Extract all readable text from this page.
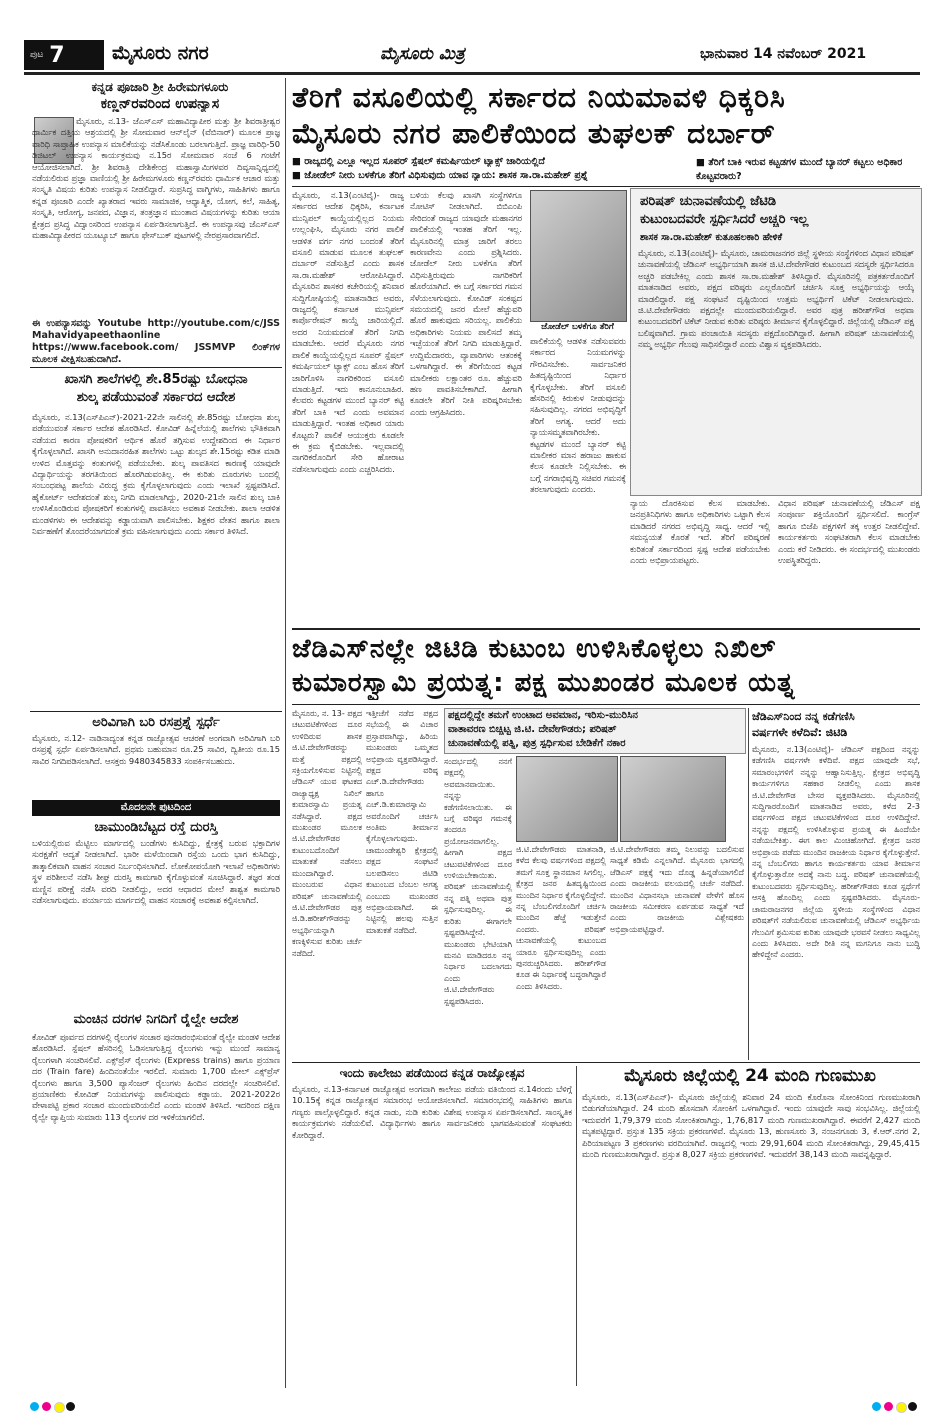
ಪುಟ 7 ಮೈಸೂರು ನಗರ	ಮೈಸೂರು ಮಿತ್ರ	ಭಾನುವಾರ 14 ನವೆಂಬರ್ 2021
ಕನ್ನಡ ಪೂಜಾರಿ ಶ್ರೀ ಹಿರೇಮಗಳೂರು
ಕಣ್ಣನ್‌ರವರಿಂದ ಉಪನ್ಯಾಸ
ಮೈಸೂರು, ನ.13- ಜೆಎಸ್‌ಎಸ್ ಮಹಾವಿದ್ಯಾಪೀಠ ಮತ್ತು ಶ್ರೀ ಶಿವರಾತ್ರೀಶ್ವರ ಧಾರ್ಮಿಕ ದತ್ತಿಯ ಆಶ್ರಯದಲ್ಲಿ ಶ್ರೀ ಸೋಮವಾರ ಆನ್‌ಲೈನ್ (ವೆಬಿನಾರ್) ಮೂಲಕ ಪ್ರಾಜ್ಞ ವಾರಿಧಿ ಸಾಪ್ತಾಹಿಕ ಉಪನ್ಯಾಸ ಮಾಲಿಕೆಯನ್ನು ನಡೆಸಿಕೊಂಡು ಬರಲಾಗುತ್ತಿದೆ. ಪ್ರಾಜ್ಞ ವಾರಿಧಿ-50 ಡಿಜಿಟಲ್ ಉಪನ್ಯಾಸ ಕಾರ್ಯಕ್ರಮವು ನ.15ರ ಸೋಮವಾರ ಸಂಜೆ 6 ಗಂಟೆಗೆ ಆಯೋಜಿಸಲಾಗಿದೆ. ಶ್ರೀ ಶಿವರಾತ್ರಿ ದೇಶಿಕೇಂದ್ರ ಮಹಾಸ್ವಾಮಿಗಳವರ ದಿವ್ಯಸಾನ್ನಿಧ್ಯದಲ್ಲಿ ನಡೆಯಲಿರುವ ಪ್ರಜ್ಞಾ ವಾಣಿಯಲ್ಲಿ ಶ್ರೀ ಹಿರೇಮಗಳೂರು ಕಣ್ಣನ್‌ರವರು ಧಾರ್ಮಿಕ ಆಚಾರ ಮತ್ತು ಸಂಸ್ಕೃತಿ ವಿಷಯ ಕುರಿತು ಉಪನ್ಯಾಸ ನೀಡಲಿದ್ದಾರೆ. ಸುಪ್ರಸಿದ್ಧ ವಾಗ್ಮಿಗಳು, ಸಾಹಿತಿಗಳು ಹಾಗೂ ಕನ್ನಡ ಪೂಜಾರಿ ಎಂದೇ ಖ್ಯಾತರಾದ ಇವರು ಸಾಮಾಜಿಕ, ಆಧ್ಯಾತ್ಮಿಕ, ಯೋಗ, ಕಲೆ, ಸಾಹಿತ್ಯ, ಸಂಸ್ಕೃತಿ, ಆರೋಗ್ಯ, ಜನಪದ, ವಿಜ್ಞಾನ, ತಂತ್ರಜ್ಞಾನ ಮುಂತಾದ ವಿಷಯಗಳನ್ನು ಕುರಿತು ಆಯಾ ಕ್ಷೇತ್ರದ ಪ್ರಸಿದ್ಧ ವಿದ್ವಾಂಸರಿಂದ ಉಪನ್ಯಾಸ ಏರ್ಪಡಿಸಲಾಗುತ್ತಿದೆ. ಈ ಉಪನ್ಯಾಸವು ಜೆಎಸ್‌ಎಸ್ ಮಹಾವಿದ್ಯಾಪೀಠದ ಯೂಟ್ಯೂಬ್ ಹಾಗೂ ಫೇಸ್‌ಬುಕ್ ಪುಟಗಳಲ್ಲಿ ನೇರಪ್ರಸಾರವಾಗಲಿದೆ.
ಈ ಉಪನ್ಯಾಸವನ್ನು Youtube http://youtube.com/c/JSS Mahavidyapeethaonline https://www.facebook.com/ JSSMVP ಲಿಂಕ್‌ಗಳ ಮೂಲಕ ವೀಕ್ಷಿಸಬಹುದಾಗಿದೆ.
ಖಾಸಗಿ ಶಾಲೆಗಳಲ್ಲಿ ಶೇ.85ರಷ್ಟು ಬೋಧನಾ
ಶುಲ್ಕ ಪಡೆಯುವಂತೆ ಸರ್ಕಾರದ ಆದೇಶ
ಮೈಸೂರು, ನ.13(ಎಸ್‌ಪಿಎನ್)-2021-22ನೇ ಸಾಲಿನಲ್ಲಿ ಶೇ.85ರಷ್ಟು ಬೋಧನಾ ಶುಲ್ಕ ಪಡೆಯುವಂತೆ ಸರ್ಕಾರ ಆದೇಶ ಹೊರಡಿಸಿದೆ. ಕೋವಿಡ್ ಹಿನ್ನೆಲೆಯಲ್ಲಿ ಶಾಲೆಗಳು ಭೌತಿಕವಾಗಿ ನಡೆಯದ ಕಾರಣ ಪೋಷಕರಿಗೆ ಆರ್ಥಿಕ ಹೊರೆ ತಗ್ಗಿಸುವ ಉದ್ದೇಶದಿಂದ ಈ ನಿರ್ಧಾರ ಕೈಗೊಳ್ಳಲಾಗಿದೆ. ಖಾಸಗಿ ಅನುದಾನರಹಿತ ಶಾಲೆಗಳು ಒಟ್ಟು ಶುಲ್ಕದ ಶೇ.15ರಷ್ಟು ಕಡಿತ ಮಾಡಿ ಉಳಿದ ಮೊತ್ತವನ್ನು ಕಂತುಗಳಲ್ಲಿ ಪಡೆಯಬೇಕು. ಶುಲ್ಕ ಪಾವತಿಸದ ಕಾರಣಕ್ಕೆ ಯಾವುದೇ ವಿದ್ಯಾರ್ಥಿಯನ್ನು ತರಗತಿಯಿಂದ ಹೊರಗಿಡುವಂತಿಲ್ಲ. ಈ ಕುರಿತು ದೂರುಗಳು ಬಂದಲ್ಲಿ ಸಂಬಂಧಪಟ್ಟ ಶಾಲೆಯ ವಿರುದ್ಧ ಕ್ರಮ ಕೈಗೊಳ್ಳಲಾಗುವುದು ಎಂದು ಇಲಾಖೆ ಸ್ಪಷ್ಟಪಡಿಸಿದೆ. ಹೈಕೋರ್ಟ್ ಆದೇಶದಂತೆ ಶುಲ್ಕ ನಿಗದಿ ಮಾಡಲಾಗಿದ್ದು, 2020-21ನೇ ಸಾಲಿನ ಶುಲ್ಕ ಬಾಕಿ ಉಳಿಸಿಕೊಂಡಿರುವ ಪೋಷಕರಿಗೆ ಕಂತುಗಳಲ್ಲಿ ಪಾವತಿಸಲು ಅವಕಾಶ ನೀಡಬೇಕು. ಶಾಲಾ ಆಡಳಿತ ಮಂಡಳಿಗಳು ಈ ಆದೇಶವನ್ನು ಕಡ್ಡಾಯವಾಗಿ ಪಾಲಿಸಬೇಕು. ಶಿಕ್ಷಕರ ವೇತನ ಹಾಗೂ ಶಾಲಾ ನಿರ್ವಹಣೆಗೆ ತೊಂದರೆಯಾಗದಂತೆ ಕ್ರಮ ವಹಿಸಲಾಗುವುದು ಎಂದು ಸರ್ಕಾರ ತಿಳಿಸಿದೆ.
ಅರಿವಿಗಾಗಿ ಬರಿ ರಸಪ್ರಶ್ನೆ ಸ್ಪರ್ಧೆ
ಮೈಸೂರು, ನ.12- ನಾಡಿನಾದ್ಯಂತ ಕನ್ನಡ ರಾಜ್ಯೋತ್ಸವ ಆಚರಣೆ ಅಂಗವಾಗಿ ಅರಿವಿಗಾಗಿ ಬರಿ ರಸಪ್ರಶ್ನೆ ಸ್ಪರ್ಧೆ ಏರ್ಪಡಿಸಲಾಗಿದೆ. ಪ್ರಥಮ ಬಹುಮಾನ ರೂ.25 ಸಾವಿರ, ದ್ವಿತೀಯ ರೂ.15 ಸಾವಿರ ನಿಗದಿಪಡಿಸಲಾಗಿದೆ. ಆಸಕ್ತರು 9480345833 ಸಂಪರ್ಕಿಸಬಹುದು.
ಮೊದಲನೇ ಪುಟದಿಂದ
ಚಾಮುಂಡಿಬೆಟ್ಟದ ರಸ್ತೆ ದುರಸ್ತಿ
ಬಳಿಯಲ್ಲಿರುವ ಮೆಟ್ಟಿಲು ಮಾರ್ಗದಲ್ಲಿ ಬಂಡೆಗಳು ಕುಸಿದಿದ್ದು, ಕ್ಷೇತ್ರಕ್ಕೆ ಬರುವ ಭಕ್ತಾದಿಗಳ ಸುರಕ್ಷತೆಗೆ ಆದ್ಯತೆ ನೀಡಲಾಗಿದೆ. ಭಾರೀ ಮಳೆಯಿಂದಾಗಿ ರಸ್ತೆಯ ಒಂದು ಭಾಗ ಕುಸಿದಿದ್ದು, ತಾತ್ಕಾಲಿಕವಾಗಿ ವಾಹನ ಸಂಚಾರ ನಿರ್ಬಂಧಿಸಲಾಗಿದೆ. ಲೋಕೋಪಯೋಗಿ ಇಲಾಖೆ ಅಧಿಕಾರಿಗಳು ಸ್ಥಳ ಪರಿಶೀಲನೆ ನಡೆಸಿ ಶೀಘ್ರ ದುರಸ್ತಿ ಕಾಮಗಾರಿ ಕೈಗೊಳ್ಳುವಂತೆ ಸೂಚಿಸಿದ್ದಾರೆ. ತಜ್ಞರ ತಂಡ ಮಣ್ಣಿನ ಪರೀಕ್ಷೆ ನಡೆಸಿ ವರದಿ ನೀಡಲಿದ್ದು, ಅದರ ಆಧಾರದ ಮೇಲೆ ಶಾಶ್ವತ ಕಾಮಗಾರಿ ನಡೆಸಲಾಗುವುದು. ಪರ್ಯಾಯ ಮಾರ್ಗದಲ್ಲಿ ವಾಹನ ಸಂಚಾರಕ್ಕೆ ಅವಕಾಶ ಕಲ್ಪಿಸಲಾಗಿದೆ.
ಮಂಚಿನ ದರಗಳ ನಿಗದಿಗೆ ರೈಲ್ವೇ ಆದೇಶ
ಕೋವಿಡ್ ಪೂರ್ವದ ದರಗಳಲ್ಲಿ ರೈಲುಗಳ ಸಂಚಾರ ಪುನರಾರಂಭಿಸುವಂತೆ ರೈಲ್ವೇ ಮಂಡಳಿ ಆದೇಶ ಹೊರಡಿಸಿದೆ. ಸ್ಪೆಷಲ್ ಹೆಸರಿನಲ್ಲಿ ಓಡಿಸಲಾಗುತ್ತಿದ್ದ ರೈಲುಗಳು ಇನ್ನು ಮುಂದೆ ಸಾಮಾನ್ಯ ರೈಲುಗಳಾಗಿ ಸಂಚರಿಸಲಿವೆ. ಎಕ್ಸ್‌ಪ್ರೆಸ್ ರೈಲುಗಳು (Express trains) ಹಾಗೂ ಪ್ರಯಾಣ ದರ (Train fare) ಹಿಂದಿನಂತೆಯೇ ಇರಲಿದೆ. ಸುಮಾರು 1,700 ಮೇಲ್ ಎಕ್ಸ್‌ಪ್ರೆಸ್ ರೈಲುಗಳು ಹಾಗೂ 3,500 ಪ್ಯಾಸೆಂಜರ್ ರೈಲುಗಳು ಹಿಂದಿನ ದರದಲ್ಲೇ ಸಂಚರಿಸಲಿವೆ. ಪ್ರಯಾಣಿಕರು ಕೋವಿಡ್ ನಿಯಮಗಳನ್ನು ಪಾಲಿಸುವುದು ಕಡ್ಡಾಯ. 2021-2022ರ ವೇಳಾಪಟ್ಟಿ ಪ್ರಕಾರ ಸಂಚಾರ ಮುಂದುವರಿಯಲಿದೆ ಎಂದು ಮಂಡಳಿ ತಿಳಿಸಿದೆ. ಇದರಿಂದ ದಕ್ಷಿಣ ರೈಲ್ವೇ ವ್ಯಾಪ್ತಿಯ ಸುಮಾರು 113 ರೈಲುಗಳ ದರ ಇಳಿಕೆಯಾಗಲಿದೆ.
ತೆರಿಗೆ ವಸೂಲಿಯಲ್ಲಿ ಸರ್ಕಾರದ ನಿಯಮಾವಳಿ ಧಿಕ್ಕರಿಸಿ
ಮೈಸೂರು ನಗರ ಪಾಲಿಕೆಯಿಂದ ತುಘಲಕ್ ದರ್ಬಾರ್
■ ರಾಜ್ಯದಲ್ಲಿ ಎಲ್ಲೂ ಇಲ್ಲದ ಸೂಪರ್ ಸ್ಪೆಷಲ್ ಕಮರ್ಷಿಯಲ್ ಟ್ಯಾಕ್ಸ್ ಜಾರಿಯಲ್ಲಿದೆ
■ ಜೋಡೆಲ್ ನೀರು ಬಳಕೆಗೂ ತೆರಿಗೆ ವಿಧಿಸುವುದು ಯಾವ ನ್ಯಾಯ: ಶಾಸಕ ಸಾ.ರಾ.ಮಹೇಶ್ ಪ್ರಶ್ನೆ
■ ತೆರಿಗೆ ಬಾಕಿ ಇರುವ ಕಟ್ಟಡಗಳ ಮುಂದೆ ಬ್ಯಾನರ್ ಕಟ್ಟಲು ಅಧಿಕಾರ ಕೊಟ್ಟವರಾರು?
ಮೈಸೂರು, ನ.13(ಎಂಟಿವೈ)- ರಾಜ್ಯ ಸರ್ಕಾರದ ಆದೇಶ ಧಿಕ್ಕರಿಸಿ, ಕರ್ನಾಟಕ ಮುನ್ಸಿಪಲ್ ಕಾಯ್ದೆಯಲ್ಲಿಲ್ಲದ ನಿಯಮ ಉಲ್ಲಂಘಿಸಿ, ಮೈಸೂರು ನಗರ ಪಾಲಿಕೆ ಆಡಳಿತ ವರ್ಗ ನಗರ ಬಂದಂತೆ ತೆರಿಗೆ ವಸೂಲಿ ಮಾಡುವ ಮೂಲಕ ತುಘಲಕ್ ದರ್ಬಾರ್ ನಡೆಸುತ್ತಿದೆ ಎಂದು ಶಾಸಕ ಸಾ.ರಾ.ಮಹೇಶ್ ಆರೋಪಿಸಿದ್ದಾರೆ. ಮೈಸೂರಿನ ಶಾಸಕರ ಕಚೇರಿಯಲ್ಲಿ ಶನಿವಾರ ಸುದ್ದಿಗೋಷ್ಠಿಯಲ್ಲಿ ಮಾತನಾಡಿದ ಅವರು, ರಾಜ್ಯದಲ್ಲಿ ಕರ್ನಾಟಕ ಮುನ್ಸಿಪಲ್ ಕಾರ್ಪೊರೇಷನ್ ಕಾಯ್ದೆ ಜಾರಿಯಲ್ಲಿದೆ. ಅದರ ನಿಯಮದಂತೆ ತೆರಿಗೆ ನಿಗದಿ ಮಾಡಬೇಕು. ಆದರೆ ಮೈಸೂರು ನಗರ ಪಾಲಿಕೆ ಕಾಯ್ದೆಯಲ್ಲಿಲ್ಲದ ಸೂಪರ್ ಸ್ಪೆಷಲ್ ಕಮರ್ಷಿಯಲ್ ಟ್ಯಾಕ್ಸ್ ಎಂಬ ಹೊಸ ತೆರಿಗೆ ಜಾರಿಗೊಳಿಸಿ ನಾಗರಿಕರಿಂದ ವಸೂಲಿ ಮಾಡುತ್ತಿದೆ. ಇದು ಕಾನೂನುಬಾಹಿರ. ಕೆಲವರು ಕಟ್ಟಡಗಳ ಮುಂದೆ ಬ್ಯಾನರ್ ಕಟ್ಟಿ ತೆರಿಗೆ ಬಾಕಿ ಇದೆ ಎಂದು ಅವಮಾನ ಮಾಡುತ್ತಿದ್ದಾರೆ. ಇಂತಹ ಅಧಿಕಾರ ಯಾರು ಕೊಟ್ಟರು? ಪಾಲಿಕೆ ಆಯುಕ್ತರು ಕೂಡಲೇ ಈ ಕ್ರಮ ಕೈಬಿಡಬೇಕು. ಇಲ್ಲವಾದಲ್ಲಿ ನಾಗರಿಕರೊಂದಿಗೆ ಸೇರಿ ಹೋರಾಟ ನಡೆಸಲಾಗುವುದು ಎಂದು ಎಚ್ಚರಿಸಿದರು.
ಬಳಿಯ ಕೆಲವು ಖಾಸಗಿ ಸಂಸ್ಥೆಗಳಿಗೂ ನೋಟಿಸ್ ನೀಡಲಾಗಿದೆ. ಬಿಬಿಎಂಪಿ ಸೇರಿದಂತೆ ರಾಜ್ಯದ ಯಾವುದೇ ಮಹಾನಗರ ಪಾಲಿಕೆಯಲ್ಲಿ ಇಂತಹ ತೆರಿಗೆ ಇಲ್ಲ. ಮೈಸೂರಿನಲ್ಲಿ ಮಾತ್ರ ಜಾರಿಗೆ ತರಲು ಕಾರಣವೇನು ಎಂದು ಪ್ರಶ್ನಿಸಿದರು. ಜೋಡೆಲ್ ನೀರು ಬಳಕೆಗೂ ತೆರಿಗೆ ವಿಧಿಸುತ್ತಿರುವುದು ನಾಗರಿಕರಿಗೆ ಹೊರೆಯಾಗಿದೆ. ಈ ಬಗ್ಗೆ ಸರ್ಕಾರದ ಗಮನ ಸೆಳೆಯಲಾಗುವುದು. ಕೋವಿಡ್ ಸಂಕಷ್ಟದ ಸಮಯದಲ್ಲಿ ಜನರ ಮೇಲೆ ಹೆಚ್ಚುವರಿ ಹೊರೆ ಹಾಕುವುದು ಸರಿಯಲ್ಲ. ಪಾಲಿಕೆಯ ಅಧಿಕಾರಿಗಳು ನಿಯಮ ಪಾಲಿಸದೆ ತಮ್ಮ ಇಚ್ಛೆಯಂತೆ ತೆರಿಗೆ ನಿಗದಿ ಮಾಡುತ್ತಿದ್ದಾರೆ. ಉದ್ದಿಮೆದಾರರು, ವ್ಯಾಪಾರಿಗಳು ಆತಂಕಕ್ಕೆ ಒಳಗಾಗಿದ್ದಾರೆ. ಈ ತೆರಿಗೆಯಿಂದ ಕಟ್ಟಡ ಮಾಲೀಕರು ಲಕ್ಷಾಂತರ ರೂ. ಹೆಚ್ಚುವರಿ ಹಣ ಪಾವತಿಸಬೇಕಾಗಿದೆ. ಹೀಗಾಗಿ ಕೂಡಲೇ ತೆರಿಗೆ ನೀತಿ ಪರಿಷ್ಕರಿಸಬೇಕು ಎಂದು ಆಗ್ರಹಿಸಿದರು.
ಜೋಡೆಲ್ ಬಳಕೆಗೂ ತೆರಿಗೆ
ಪಾಲಿಕೆಯಲ್ಲಿ ಆಡಳಿತ ನಡೆಸುವವರು ಸರ್ಕಾರದ ನಿಯಮಗಳನ್ನು ಗೌರವಿಸಬೇಕು. ಸಾರ್ವಜನಿಕರ ಹಿತದೃಷ್ಟಿಯಿಂದ ನಿರ್ಧಾರ ಕೈಗೊಳ್ಳಬೇಕು. ತೆರಿಗೆ ವಸೂಲಿ ಹೆಸರಿನಲ್ಲಿ ಕಿರುಕುಳ ನೀಡುವುದನ್ನು ಸಹಿಸುವುದಿಲ್ಲ. ನಗರದ ಅಭಿವೃದ್ಧಿಗೆ ತೆರಿಗೆ ಅಗತ್ಯ. ಆದರೆ ಅದು ನ್ಯಾಯಸಮ್ಮತವಾಗಿರಬೇಕು. ಕಟ್ಟಡಗಳ ಮುಂದೆ ಬ್ಯಾನರ್ ಕಟ್ಟಿ ಮಾಲೀಕರ ಮಾನ ಹರಾಜು ಹಾಕುವ ಕೆಲಸ ಕೂಡಲೇ ನಿಲ್ಲಿಸಬೇಕು. ಈ ಬಗ್ಗೆ ನಗರಾಭಿವೃದ್ಧಿ ಸಚಿವರ ಗಮನಕ್ಕೆ ತರಲಾಗುವುದು ಎಂದರು.
ಪರಿಷತ್ ಚುನಾವಣೆಯಲ್ಲಿ ಜೆಟಿಡಿ
ಕುಟುಂಬದವರೇ ಸ್ಪರ್ಧಿಸಿದರೆ ಅಚ್ಚರಿ ಇಲ್ಲ
ಶಾಸಕ ಸಾ.ರಾ.ಮಹೇಶ್ ಕುತೂಹಲಕಾರಿ ಹೇಳಿಕೆ
ಮೈಸೂರು, ನ.13(ಎಂಟಿವೈ)- ಮೈಸೂರು, ಚಾಮರಾಜನಗರ ಜಿಲ್ಲೆ ಸ್ಥಳೀಯ ಸಂಸ್ಥೆಗಳಿಂದ ವಿಧಾನ ಪರಿಷತ್ ಚುನಾವಣೆಯಲ್ಲಿ ಜೆಡಿಎಸ್ ಅಭ್ಯರ್ಥಿಯಾಗಿ ಶಾಸಕ ಜಿ.ಟಿ.ದೇವೇಗೌಡರ ಕುಟುಂಬದ ಸದಸ್ಯರೇ ಸ್ಪರ್ಧಿಸಿದರೂ ಅಚ್ಚರಿ ಪಡಬೇಕಿಲ್ಲ ಎಂದು ಶಾಸಕ ಸಾ.ರಾ.ಮಹೇಶ್ ತಿಳಿಸಿದ್ದಾರೆ. ಮೈಸೂರಿನಲ್ಲಿ ಪತ್ರಕರ್ತರೊಂದಿಗೆ ಮಾತನಾಡಿದ ಅವರು, ಪಕ್ಷದ ವರಿಷ್ಠರು ಎಲ್ಲರೊಂದಿಗೆ ಚರ್ಚಿಸಿ ಸೂಕ್ತ ಅಭ್ಯರ್ಥಿಯನ್ನು ಆಯ್ಕೆ ಮಾಡಲಿದ್ದಾರೆ. ಪಕ್ಷ ಸಂಘಟನೆ ದೃಷ್ಟಿಯಿಂದ ಉತ್ತಮ ಅಭ್ಯರ್ಥಿಗೆ ಟಿಕೆಟ್ ನೀಡಲಾಗುವುದು. ಜಿ.ಟಿ.ದೇವೇಗೌಡರು ಪಕ್ಷದಲ್ಲೇ ಮುಂದುವರಿಯಲಿದ್ದಾರೆ. ಅವರ ಪುತ್ರ ಹರೀಶ್‌ಗೌಡ ಅಥವಾ ಕುಟುಂಬದವರಿಗೆ ಟಿಕೆಟ್ ನೀಡುವ ಕುರಿತು ವರಿಷ್ಠರು ತೀರ್ಮಾನ ಕೈಗೊಳ್ಳಲಿದ್ದಾರೆ. ಜಿಲ್ಲೆಯಲ್ಲಿ ಜೆಡಿಎಸ್ ಪಕ್ಷ ಬಲಿಷ್ಠವಾಗಿದೆ. ಗ್ರಾಮ ಪಂಚಾಯಿತಿ ಸದಸ್ಯರು ಪಕ್ಷದೊಂದಿಗಿದ್ದಾರೆ. ಹೀಗಾಗಿ ಪರಿಷತ್ ಚುನಾವಣೆಯಲ್ಲಿ ನಮ್ಮ ಅಭ್ಯರ್ಥಿ ಗೆಲುವು ಸಾಧಿಸಲಿದ್ದಾರೆ ಎಂದು ವಿಶ್ವಾಸ ವ್ಯಕ್ತಪಡಿಸಿದರು.
ನ್ಯಾಯ ದೊರಕಿಸುವ ಕೆಲಸ ಮಾಡಬೇಕು. ಜನಪ್ರತಿನಿಧಿಗಳು ಹಾಗೂ ಅಧಿಕಾರಿಗಳು ಒಟ್ಟಾಗಿ ಕೆಲಸ ಮಾಡಿದರೆ ನಗರದ ಅಭಿವೃದ್ಧಿ ಸಾಧ್ಯ. ಆದರೆ ಇಲ್ಲಿ ಸಮನ್ವಯತೆ ಕೊರತೆ ಇದೆ. ತೆರಿಗೆ ಪರಿಷ್ಕರಣೆ ಕುರಿತಂತೆ ಸರ್ಕಾರದಿಂದ ಸ್ಪಷ್ಟ ಆದೇಶ ಪಡೆಯಬೇಕು ಎಂದು ಅಭಿಪ್ರಾಯಪಟ್ಟರು.
ವಿಧಾನ ಪರಿಷತ್ ಚುನಾವಣೆಯಲ್ಲಿ ಜೆಡಿಎಸ್ ಪಕ್ಷ ಸಂಪೂರ್ಣ ಶಕ್ತಿಯೊಂದಿಗೆ ಸ್ಪರ್ಧಿಸಲಿದೆ. ಕಾಂಗ್ರೆಸ್ ಹಾಗೂ ಬಿಜೆಪಿ ಪಕ್ಷಗಳಿಗೆ ತಕ್ಕ ಉತ್ತರ ನೀಡಲಿದ್ದೇವೆ. ಕಾರ್ಯಕರ್ತರು ಸಂಘಟಿತರಾಗಿ ಕೆಲಸ ಮಾಡಬೇಕು ಎಂದು ಕರೆ ನೀಡಿದರು. ಈ ಸಂದರ್ಭದಲ್ಲಿ ಮುಖಂಡರು ಉಪಸ್ಥಿತರಿದ್ದರು.
ಜೆಡಿಎಸ್‌ನಲ್ಲೇ ಜಿಟಿಡಿ ಕುಟುಂಬ ಉಳಿಸಿಕೊಳ್ಳಲು ನಿಖಿಲ್
ಕುಮಾರಸ್ವಾಮಿ ಪ್ರಯತ್ನ: ಪಕ್ಷ ಮುಖಂಡರ ಮೂಲಕ ಯತ್ನ
ಮೈಸೂರು, ನ. 13- ಪಕ್ಷದ ಚಟುವಟಿಕೆಗಳಿಂದ ದೂರ ಉಳಿದಿರುವ ಶಾಸಕ ಜಿ.ಟಿ.ದೇವೇಗೌಡರನ್ನು ಮತ್ತೆ ಪಕ್ಷದಲ್ಲಿ ಸಕ್ರಿಯಗೊಳಿಸುವ ನಿಟ್ಟಿನಲ್ಲಿ ಜೆಡಿಎಸ್ ಯುವ ಘಟಕದ ರಾಜ್ಯಾಧ್ಯಕ್ಷ ನಿಖಿಲ್ ಕುಮಾರಸ್ವಾಮಿ ಪ್ರಯತ್ನ ನಡೆಸಿದ್ದಾರೆ. ಪಕ್ಷದ ಮುಖಂಡರ ಮೂಲಕ ಜಿ.ಟಿ.ದೇವೇಗೌಡರ ಕುಟುಂಬದೊಂದಿಗೆ ಮಾತುಕತೆ ನಡೆಸಲು ಮುಂದಾಗಿದ್ದಾರೆ. ಮುಂಬರುವ ವಿಧಾನ ಪರಿಷತ್ ಚುನಾವಣೆಯಲ್ಲಿ ಜಿ.ಟಿ.ದೇವೇಗೌಡರ ಪುತ್ರ ಜಿ.ಡಿ.ಹರೀಶ್‌ಗೌಡರನ್ನು ಅಭ್ಯರ್ಥಿಯನ್ನಾಗಿ ಕಣಕ್ಕಿಳಿಸುವ ಕುರಿತು ಚರ್ಚೆ ನಡೆದಿದೆ.
ಇತ್ತೀಚೆಗೆ ನಡೆದ ಪಕ್ಷದ ಸಭೆಯಲ್ಲಿ ಈ ವಿಚಾರ ಪ್ರಸ್ತಾಪವಾಗಿದ್ದು, ಹಿರಿಯ ಮುಖಂಡರು ಒಮ್ಮತದ ಅಭಿಪ್ರಾಯ ವ್ಯಕ್ತಪಡಿಸಿದ್ದಾರೆ. ಪಕ್ಷದ ವರಿಷ್ಠ ಎಚ್.ಡಿ.ದೇವೇಗೌಡರು ಹಾಗೂ ಎಚ್.ಡಿ.ಕುಮಾರಸ್ವಾಮಿ ಅವರೊಂದಿಗೆ ಚರ್ಚಿಸಿ ಅಂತಿಮ ತೀರ್ಮಾನ ಕೈಗೊಳ್ಳಲಾಗುವುದು. ಚಾಮುಂಡೇಶ್ವರಿ ಕ್ಷೇತ್ರದಲ್ಲಿ ಪಕ್ಷದ ಸಂಘಟನೆ ಬಲಪಡಿಸಲು ಜಿಟಿಡಿ ಕುಟುಂಬದ ಬೆಂಬಲ ಅಗತ್ಯ ಎಂಬುದು ಮುಖಂಡರ ಅಭಿಪ್ರಾಯವಾಗಿದೆ. ಈ ನಿಟ್ಟಿನಲ್ಲಿ ಹಲವು ಸುತ್ತಿನ ಮಾತುಕತೆ ನಡೆದಿದೆ.
ಪಕ್ಷದಲ್ಲಿದ್ದೇ ತಮಗೆ ಉಂಟಾದ ಅವಮಾನ, ಇರಿಸು-ಮುರಿಸಿನ
ವಾತಾವರಣ ಬಿಚ್ಚಿಟ್ಟ ಜಿ.ಟಿ. ದೇವೇಗೌಡರು; ಪರಿಷತ್
ಚುನಾವಣೆಯಲ್ಲಿ ಪತ್ನಿ, ಪುತ್ರ ಸ್ಪರ್ಧಿಸುವ ಬೇಡಿಕೆಗೆ ನಕಾರ
ಸಂದರ್ಭದಲ್ಲಿ ನನಗೆ ಪಕ್ಷದಲ್ಲಿ ಅವಮಾನವಾಯಿತು. ನನ್ನನ್ನು ಕಡೆಗಣಿಸಲಾಯಿತು. ಈ ಬಗ್ಗೆ ವರಿಷ್ಠರ ಗಮನಕ್ಕೆ ತಂದರೂ ಪ್ರಯೋಜನವಾಗಲಿಲ್ಲ. ಹೀಗಾಗಿ ಪಕ್ಷದ ಚಟುವಟಿಕೆಗಳಿಂದ ದೂರ ಉಳಿಯಬೇಕಾಯಿತು. ಪರಿಷತ್ ಚುನಾವಣೆಯಲ್ಲಿ ನನ್ನ ಪತ್ನಿ ಅಥವಾ ಪುತ್ರ ಸ್ಪರ್ಧಿಸುವುದಿಲ್ಲ. ಈ ಕುರಿತು ಈಗಾಗಲೇ ಸ್ಪಷ್ಟಪಡಿಸಿದ್ದೇನೆ. ಮುಖಂಡರು ಭೇಟಿಯಾಗಿ ಮನವಿ ಮಾಡಿದರೂ ನನ್ನ ನಿರ್ಧಾರ ಬದಲಾಗದು ಎಂದು ಜಿ.ಟಿ.ದೇವೇಗೌಡರು ಸ್ಪಷ್ಟಪಡಿಸಿದರು.
ಜಿ.ಟಿ.ದೇವೇಗೌಡರು ಮಾತನಾಡಿ, ಕಳೆದ ಕೆಲವು ವರ್ಷಗಳಿಂದ ಪಕ್ಷದಲ್ಲಿ ತಮಗೆ ಸೂಕ್ತ ಸ್ಥಾನಮಾನ ಸಿಗಲಿಲ್ಲ. ಕ್ಷೇತ್ರದ ಜನರ ಹಿತದೃಷ್ಟಿಯಿಂದ ಮುಂದಿನ ನಿರ್ಧಾರ ಕೈಗೊಳ್ಳಲಿದ್ದೇನೆ. ನನ್ನ ಬೆಂಬಲಿಗರೊಂದಿಗೆ ಚರ್ಚಿಸಿ ಮುಂದಿನ ಹೆಜ್ಜೆ ಇಡುತ್ತೇನೆ ಎಂದರು. ಪರಿಷತ್ ಚುನಾವಣೆಯಲ್ಲಿ ಕುಟುಂಬದ ಯಾರೂ ಸ್ಪರ್ಧಿಸುವುದಿಲ್ಲ ಎಂದು ಪುನರುಚ್ಚರಿಸಿದರು. ಹರೀಶ್‌ಗೌಡ ಕೂಡ ಈ ನಿರ್ಧಾರಕ್ಕೆ ಬದ್ಧರಾಗಿದ್ದಾರೆ ಎಂದು ತಿಳಿಸಿದರು.
ಜಿ.ಟಿ.ದೇವೇಗೌಡರು ತಮ್ಮ ನಿಲುವನ್ನು ಬದಲಿಸುವ ಸಾಧ್ಯತೆ ಕಡಿಮೆ ಎನ್ನಲಾಗಿದೆ. ಮೈಸೂರು ಭಾಗದಲ್ಲಿ ಜೆಡಿಎಸ್ ಪಕ್ಷಕ್ಕೆ ಇದು ದೊಡ್ಡ ಹಿನ್ನಡೆಯಾಗಲಿದೆ ಎಂದು ರಾಜಕೀಯ ವಲಯದಲ್ಲಿ ಚರ್ಚೆ ನಡೆದಿದೆ. ಮುಂದಿನ ವಿಧಾನಸಭಾ ಚುನಾವಣೆ ವೇಳೆಗೆ ಹೊಸ ರಾಜಕೀಯ ಸಮೀಕರಣ ಏರ್ಪಡುವ ಸಾಧ್ಯತೆ ಇದೆ ಎಂದು ರಾಜಕೀಯ ವಿಶ್ಲೇಷಕರು ಅಭಿಪ್ರಾಯಪಟ್ಟಿದ್ದಾರೆ.
ಜೆಡಿಎಸ್‌ನಿಂದ ನನ್ನ ಕಡೆಗಣಿಸಿ
ವರ್ಷಗಳೇ ಕಳೆದಿವೆ: ಜಿಟಿಡಿ
ಮೈಸೂರು, ನ.13(ಎಂಟಿವೈ)- ಜೆಡಿಎಸ್ ಪಕ್ಷದಿಂದ ನನ್ನನ್ನು ಕಡೆಗಣಿಸಿ ವರ್ಷಗಳೇ ಕಳೆದಿವೆ. ಪಕ್ಷದ ಯಾವುದೇ ಸಭೆ, ಸಮಾರಂಭಗಳಿಗೆ ನನ್ನನ್ನು ಆಹ್ವಾನಿಸುತ್ತಿಲ್ಲ. ಕ್ಷೇತ್ರದ ಅಭಿವೃದ್ಧಿ ಕಾರ್ಯಗಳಿಗೂ ಸಹಕಾರ ನೀಡಲಿಲ್ಲ ಎಂದು ಶಾಸಕ ಜಿ.ಟಿ.ದೇವೇಗೌಡ ಬೇಸರ ವ್ಯಕ್ತಪಡಿಸಿದರು. ಮೈಸೂರಿನಲ್ಲಿ ಸುದ್ದಿಗಾರರೊಂದಿಗೆ ಮಾತನಾಡಿದ ಅವರು, ಕಳೆದ 2-3 ವರ್ಷಗಳಿಂದ ಪಕ್ಷದ ಚಟುವಟಿಕೆಗಳಿಂದ ದೂರ ಉಳಿದಿದ್ದೇನೆ. ನನ್ನನ್ನು ಪಕ್ಷದಲ್ಲಿ ಉಳಿಸಿಕೊಳ್ಳುವ ಪ್ರಯತ್ನ ಈ ಹಿಂದೆಯೇ ನಡೆಯಬೇಕಿತ್ತು. ಈಗ ಕಾಲ ಮಿಂಚಿಹೋಗಿದೆ. ಕ್ಷೇತ್ರದ ಜನರ ಅಭಿಪ್ರಾಯ ಪಡೆದು ಮುಂದಿನ ರಾಜಕೀಯ ನಿರ್ಧಾರ ಕೈಗೊಳ್ಳುತ್ತೇನೆ. ನನ್ನ ಬೆಂಬಲಿಗರು ಹಾಗೂ ಕಾರ್ಯಕರ್ತರು ಯಾವ ತೀರ್ಮಾನ ಕೈಗೊಳ್ಳುತ್ತಾರೋ ಅದಕ್ಕೆ ನಾನು ಬದ್ಧ. ಪರಿಷತ್ ಚುನಾವಣೆಯಲ್ಲಿ ಕುಟುಂಬದವರು ಸ್ಪರ್ಧಿಸುವುದಿಲ್ಲ. ಹರೀಶ್‌ಗೌಡರು ಕೂಡ ಸ್ಪರ್ಧೆಗೆ ಆಸಕ್ತಿ ಹೊಂದಿಲ್ಲ ಎಂದು ಸ್ಪಷ್ಟಪಡಿಸಿದರು. ಮೈಸೂರು-ಚಾಮರಾಜನಗರ ಜಿಲ್ಲೆಯ ಸ್ಥಳೀಯ ಸಂಸ್ಥೆಗಳಿಂದ ವಿಧಾನ ಪರಿಷತ್‌ಗೆ ನಡೆಯಲಿರುವ ಚುನಾವಣೆಯಲ್ಲಿ ಜೆಡಿಎಸ್ ಅಭ್ಯರ್ಥಿಯ ಗೆಲುವಿಗೆ ಶ್ರಮಿಸುವ ಕುರಿತು ಯಾವುದೇ ಭರವಸೆ ನೀಡಲು ಸಾಧ್ಯವಿಲ್ಲ ಎಂದು ತಿಳಿಸಿದರು. ಅದೇ ರೀತಿ ನನ್ನ ಮಗನಿಗೂ ನಾನು ಬುದ್ಧಿ ಹೇಳಿದ್ದೇನೆ ಎಂದರು.
ಇಂದು ಕಾಲೇಜು ಪಡೆಯಿಂದ ಕನ್ನಡ ರಾಜ್ಯೋತ್ಸವ
ಮೈಸೂರು, ನ.13-ಕರ್ನಾಟಕ ರಾಜ್ಯೋತ್ಸವ ಅಂಗವಾಗಿ ಕಾಲೇಜು ಪಡೆಯ ವತಿಯಿಂದ ನ.14ರಂದು ಬೆಳಿಗ್ಗೆ 10.15ಕ್ಕೆ ಕನ್ನಡ ರಾಜ್ಯೋತ್ಸವ ಸಮಾರಂಭ ಆಯೋಜಿಸಲಾಗಿದೆ. ಸಮಾರಂಭದಲ್ಲಿ ಸಾಹಿತಿಗಳು ಹಾಗೂ ಗಣ್ಯರು ಪಾಲ್ಗೊಳ್ಳಲಿದ್ದಾರೆ. ಕನ್ನಡ ನಾಡು, ನುಡಿ ಕುರಿತು ವಿಶೇಷ ಉಪನ್ಯಾಸ ಏರ್ಪಡಿಸಲಾಗಿದೆ. ಸಾಂಸ್ಕೃತಿಕ ಕಾರ್ಯಕ್ರಮಗಳು ನಡೆಯಲಿವೆ. ವಿದ್ಯಾರ್ಥಿಗಳು ಹಾಗೂ ಸಾರ್ವಜನಿಕರು ಭಾಗವಹಿಸುವಂತೆ ಸಂಘಟಕರು ಕೋರಿದ್ದಾರೆ.
ಮೈಸೂರು ಜಿಲ್ಲೆಯಲ್ಲಿ 24 ಮಂದಿ ಗುಣಮುಖ
ಮೈಸೂರು, ನ.13(ಎಸ್‌ಪಿಎನ್)- ಮೈಸೂರು ಜಿಲ್ಲೆಯಲ್ಲಿ ಶನಿವಾರ 24 ಮಂದಿ ಕೊರೊನಾ ಸೋಂಕಿನಿಂದ ಗುಣಮುಖರಾಗಿ ಬಿಡುಗಡೆಯಾಗಿದ್ದಾರೆ. 24 ಮಂದಿ ಹೊಸದಾಗಿ ಸೋಂಕಿಗೆ ಒಳಗಾಗಿದ್ದಾರೆ. ಇಂದು ಯಾವುದೇ ಸಾವು ಸಂಭವಿಸಿಲ್ಲ. ಜಿಲ್ಲೆಯಲ್ಲಿ ಇದುವರೆಗೆ 1,79,379 ಮಂದಿ ಸೋಂಕಿತರಾಗಿದ್ದು, 1,76,817 ಮಂದಿ ಗುಣಮುಖರಾಗಿದ್ದಾರೆ. ಈವರೆಗೆ 2,427 ಮಂದಿ ಮೃತಪಟ್ಟಿದ್ದಾರೆ. ಪ್ರಸ್ತುತ 135 ಸಕ್ರಿಯ ಪ್ರಕರಣಗಳಿವೆ. ಮೈಸೂರು 13, ಹುಣಸೂರು 3, ನಂಜನಗೂಡು 3, ಕೆ.ಆರ್.ನಗರ 2, ಪಿರಿಯಾಪಟ್ಟಣ 3 ಪ್ರಕರಣಗಳು ವರದಿಯಾಗಿವೆ. ರಾಜ್ಯದಲ್ಲಿ ಇಂದು 29,91,604 ಮಂದಿ ಸೋಂಕಿತರಾಗಿದ್ದು, 29,45,415 ಮಂದಿ ಗುಣಮುಖರಾಗಿದ್ದಾರೆ. ಪ್ರಸ್ತುತ 8,027 ಸಕ್ರಿಯ ಪ್ರಕರಣಗಳಿವೆ. ಇದುವರೆಗೆ 38,143 ಮಂದಿ ಸಾವನ್ನಪ್ಪಿದ್ದಾರೆ.
